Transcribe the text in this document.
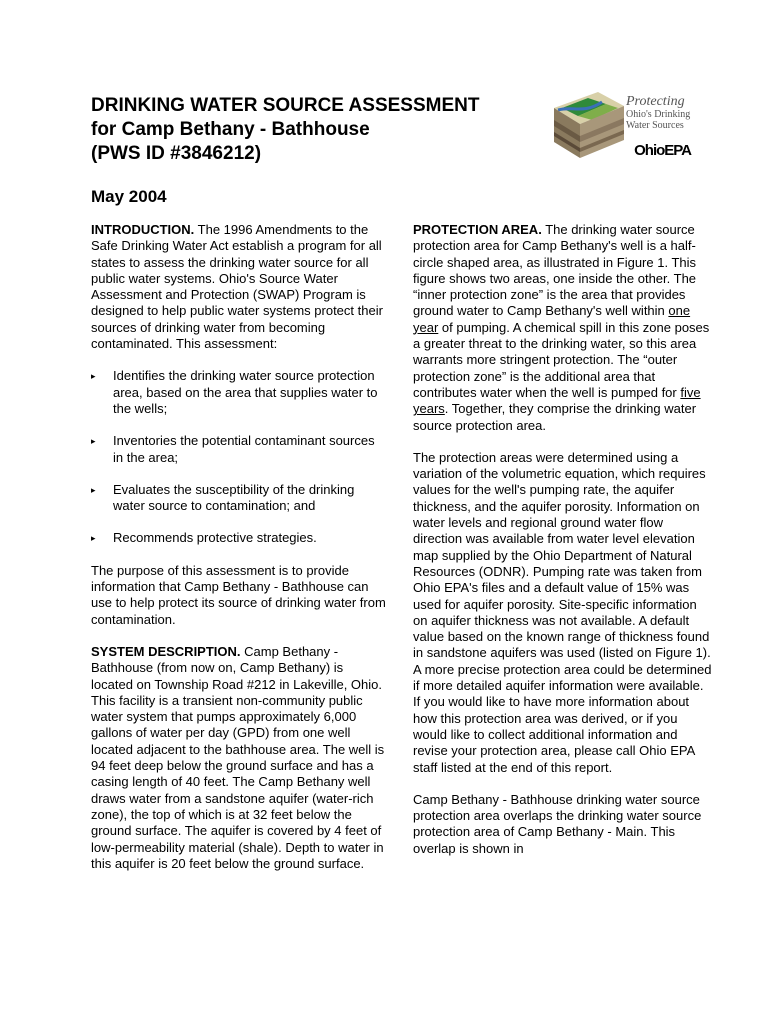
DRINKING WATER SOURCE ASSESSMENT
for Camp Bethany - Bathhouse
(PWS ID #3846212)
May 2004
Protecting
Ohio's Drinking
Water Sources
OhioEPA

INTRODUCTION. The 1996 Amendments to the Safe Drinking Water Act establish a program for all states to assess the drinking water source for all public water systems. Ohio's Source Water Assessment and Protection (SWAP) Program is designed to help public water systems protect their sources of drinking water from becoming contaminated. This assessment:

▸ Identifies the drinking water source protection area, based on the area that supplies water to the wells;
▸ Inventories the potential contaminant sources in the area;
▸ Evaluates the susceptibility of the drinking water source to contamination; and
▸ Recommends protective strategies.

The purpose of this assessment is to provide information that Camp Bethany - Bathhouse can use to help protect its source of drinking water from contamination.

SYSTEM DESCRIPTION. Camp Bethany - Bathhouse (from now on, Camp Bethany) is located on Township Road #212 in Lakeville, Ohio. This facility is a transient non-community public water system that pumps approximately 6,000 gallons of water per day (GPD) from one well located adjacent to the bathhouse area. The well is 94 feet deep below the ground surface and has a casing length of 40 feet. The Camp Bethany well draws water from a sandstone aquifer (water-rich zone), the top of which is at 32 feet below the ground surface. The aquifer is covered by 4 feet of low-permeability material (shale). Depth to water in this aquifer is 20 feet below the ground surface.

PROTECTION AREA. The drinking water source protection area for Camp Bethany's well is a half-circle shaped area, as illustrated in Figure 1. This figure shows two areas, one inside the other. The “inner protection zone” is the area that provides ground water to Camp Bethany's well within one year of pumping. A chemical spill in this zone poses a greater threat to the drinking water, so this area warrants more stringent protection. The “outer protection zone” is the additional area that contributes water when the well is pumped for five years. Together, they comprise the drinking water source protection area.

The protection areas were determined using a variation of the volumetric equation, which requires values for the well's pumping rate, the aquifer thickness, and the aquifer porosity. Information on water levels and regional ground water flow direction was available from water level elevation map supplied by the Ohio Department of Natural Resources (ODNR). Pumping rate was taken from Ohio EPA's files and a default value of 15% was used for aquifer porosity. Site-specific information on aquifer thickness was not available. A default value based on the known range of thickness found in sandstone aquifers was used (listed on Figure 1). A more precise protection area could be determined if more detailed aquifer information were available. If you would like to have more information about how this protection area was derived, or if you would like to collect additional information and revise your protection area, please call Ohio EPA staff listed at the end of this report.

Camp Bethany - Bathhouse drinking water source protection area overlaps the drinking water source protection area of Camp Bethany - Main. This overlap is shown in
